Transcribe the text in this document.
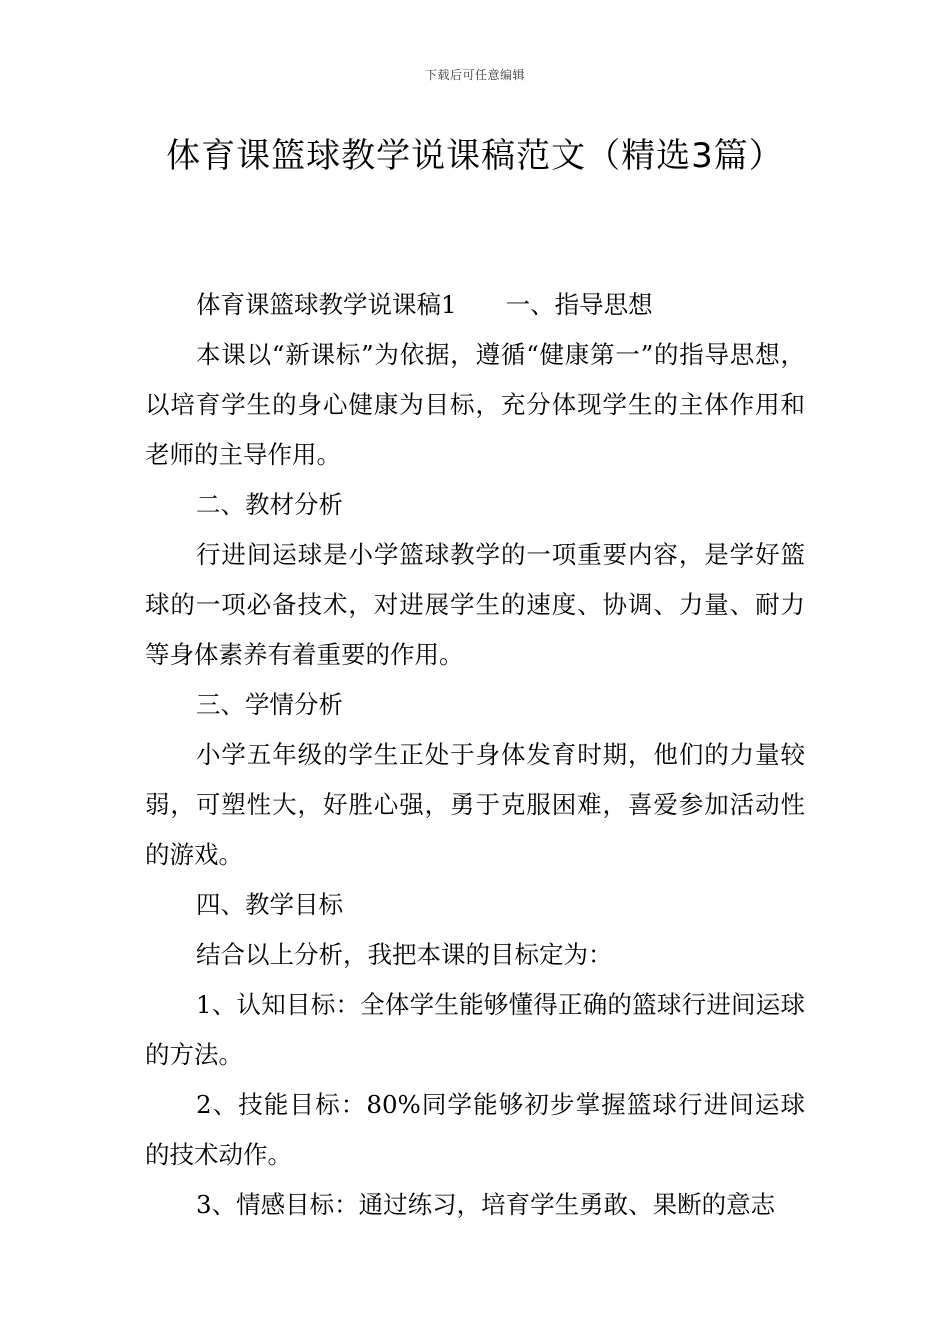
下载后可任意编辑
体育课篮球教学说课稿范文（精选3篇）

体育课篮球教学说课稿1　　一、指导思想

本课以“新课标”为依据，遵循“健康第一”的指导思想，以培育学生的身心健康为目标，充分体现学生的主体作用和老师的主导作用。

二、教材分析

行进间运球是小学篮球教学的一项重要内容，是学好篮球的一项必备技术，对进展学生的速度、协调、力量、耐力等身体素养有着重要的作用。

三、学情分析

小学五年级的学生正处于身体发育时期，他们的力量较弱，可塑性大，好胜心强，勇于克服困难，喜爱参加活动性的游戏。

四、教学目标

结合以上分析，我把本课的目标定为：

1、认知目标：全体学生能够懂得正确的篮球行进间运球的方法。

2、技能目标：80%同学能够初步掌握篮球行进间运球的技术动作。

3、情感目标：通过练习，培育学生勇敢、果断的意志
